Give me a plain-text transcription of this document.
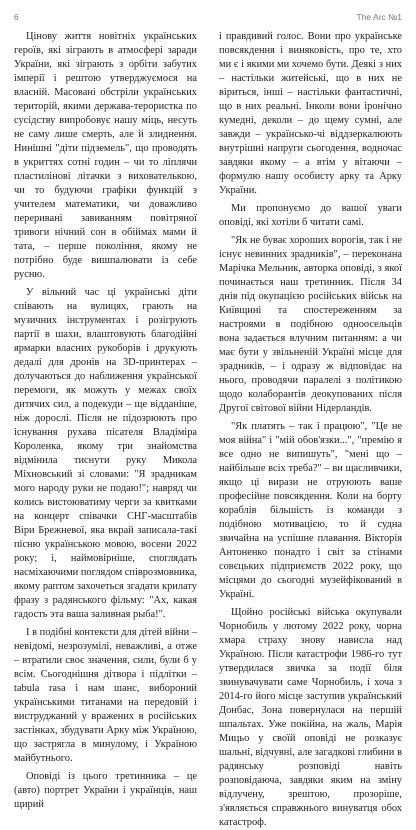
6	The Arc №1

Цінову життя новітніх українських героїв, які зіграють в атмосфері заради України, які зіграють з орбіти забутих імперії і рештою утверджуємося на власній. Масовані обстріли українських територій, якими держава-терористка по сусідству випробовує нашу міць, несуть не саму лише смерть, але й злиднення. Нинішні "діти підземель", що проводять в укриттях сотні годин – чи то ліплячи пластилінові літачки з вихователькою, чи то будуючи графіки функцій з учителем математики, чи доважливо переривані завиванням повітряної тривоги нічний сон в обіймах мами й тата, – перше покоління, якому не потрібно буде вишпалювати із себе русню.

У вільний час ці українські діти співають на вулицях, грають на музичних інструментах і розігрують партії в шахи, влаштовують благодійні ярмарки власних рукоборів і друкують дедалі для дронів на 3D-принтерах – долучаються до наближення української перемоги, як можуть у межах своїх дитячих сил, а подекуди – ще відданіше, ніж дорослі. Після не підозрюють про існування рухава пісателя Владіміра Короленка, якому три знайомства відмінила тиснути руку Микола Міхновський зі словами: "Я зрадникам мого народу руки не подаю!"; навряд чи колись вистоюватиму черги за квитками на концерт співачки СНГ-масштабів Віри Брежневої, яка вкрай записала-такі пісню українською мовою, восени 2022 року; і, наймовірніше, споглядать насміхаючими поглядом співрозмовника, якому раптом захочеться згадати крилату фразу з радянського фільму: "Ах, какая гадость эта ваша заливная рыба!".

І в подібні контексти для дітей війни – невідомі, незрозумілі, неважливі, а отже – втратили своє значення, сили, були б у всім. Сьогоднішня дітвора і підлітки – tabula rasa і нам шанс, вибороний українськими титанами на передовій і виструджаний у вражених в російських застінках, збудувати Арку між Україною, що застрягла в минулому, і Україною майбутнього.

Оповіді із цього третинника – це (авто) портрет України і українців, наш щирий

і правдивий голос. Вони про українське повсякдення і виняковість, про те, хто ми є і якими ми хочемо бути. Деякі з них – настільки житейські, що в них не віриться, інші – настільки фантастичні, що в них реальні. Інколи вони іронічно кумедні, деколи – до щему сумні, але завжди – українсько-чі віддзеркалюють внутрішні напруги сьогодення, водночас завдяки якому – а втім у вітаючи – формулю нашу особисту арку та Арку України.

Ми пропонуємо до вашої уваги оповіді, які хотіли б читати самі.

"Як не буває хороших ворогів, так і не існує невинних зрадників", – переконана Марічка Мельник, авторка оповіді, з якої починається наш третинник. Після 34 днів під окупацією російських військ на Київщині та спостереженням за настроями в подібною одноосельців вона задається влучним питанням: а чи має бути у звільненій Україні місце для зрадників, – і одразу ж відповідає на нього, проводячи паралелі з політикою щодо колаборантів деокупованих після Другої світової війни Нідерландів.

"Як платять – так і працюю", "Це не моя війна" і "мій обов'язки...", "премію я все одно не випишуть", "мені що – найбільше всіх треба?" – ви щасливчики, якщо ці вирази не отруюють ваше професійне повсякдення. Коли на борту кораблів більшість із команди з подібною мотивацією, то й судна звичайна на успішне плавання. Вікторія Антоненко понадто і світ за стінами совєцьких підприємств 2022 року, що місцями до сьогодні музейфікований в Україні.

Щойно російські війська окупували Чорнобиль у лютому 2022 року, чорна хмара страху знову нависла над Україною. Після катастрофи 1986-го тут утвердилася звичка за події біля звинувачувати саме Чорнобиль, і хоча з 2014-го його місце заступив український Донбас, Зона повернулася на першій шпальтах. Уже покійна, на жаль, Марія Мицьо у своїй оповіді не розказує шальні, відчувні, але загадкові глибини в радянську розповіді навіть розповідаюча, завдяки яким на зміну відлучену, зрештою, прозоріше, з'являється справжнього винуватця обох катастроф.
